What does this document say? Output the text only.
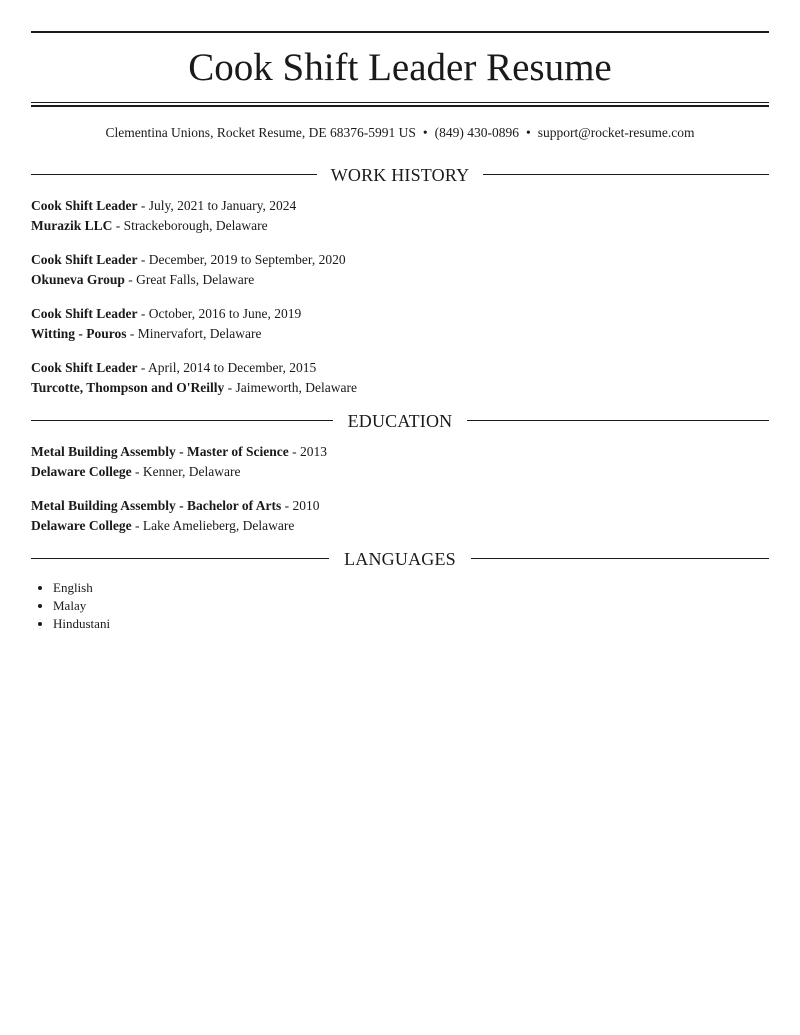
Cook Shift Leader Resume
Clementina Unions, Rocket Resume, DE 68376-5991 US • (849) 430-0896 • support@rocket-resume.com
WORK HISTORY
Cook Shift Leader - July, 2021 to January, 2024
Murazik LLC - Strackeborough, Delaware
Cook Shift Leader - December, 2019 to September, 2020
Okuneva Group - Great Falls, Delaware
Cook Shift Leader - October, 2016 to June, 2019
Witting - Pouros - Minervafort, Delaware
Cook Shift Leader - April, 2014 to December, 2015
Turcotte, Thompson and O'Reilly - Jaimeworth, Delaware
EDUCATION
Metal Building Assembly - Master of Science - 2013
Delaware College - Kenner, Delaware
Metal Building Assembly - Bachelor of Arts - 2010
Delaware College - Lake Amelieberg, Delaware
LANGUAGES
• English
• Malay
• Hindustani
